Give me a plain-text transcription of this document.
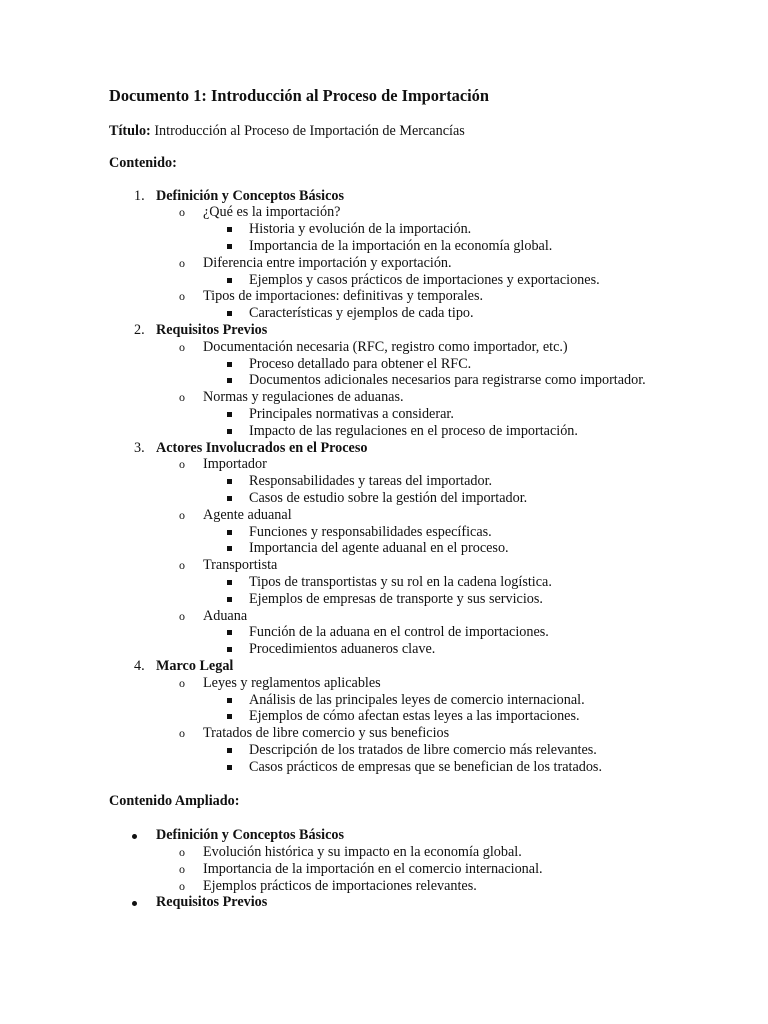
Documento 1: Introducción al Proceso de Importación
Título: Introducción al Proceso de Importación de Mercancías
Contenido:
1. Definición y Conceptos Básicos
o ¿Qué es la importación?
Historia y evolución de la importación.
Importancia de la importación en la economía global.
o Diferencia entre importación y exportación.
Ejemplos y casos prácticos de importaciones y exportaciones.
o Tipos de importaciones: definitivas y temporales.
Características y ejemplos de cada tipo.
2. Requisitos Previos
o Documentación necesaria (RFC, registro como importador, etc.)
Proceso detallado para obtener el RFC.
Documentos adicionales necesarios para registrarse como importador.
o Normas y regulaciones de aduanas.
Principales normativas a considerar.
Impacto de las regulaciones en el proceso de importación.
3. Actores Involucrados en el Proceso
o Importador
Responsabilidades y tareas del importador.
Casos de estudio sobre la gestión del importador.
o Agente aduanal
Funciones y responsabilidades específicas.
Importancia del agente aduanal en el proceso.
o Transportista
Tipos de transportistas y su rol en la cadena logística.
Ejemplos de empresas de transporte y sus servicios.
o Aduana
Función de la aduana en el control de importaciones.
Procedimientos aduaneros clave.
4. Marco Legal
o Leyes y reglamentos aplicables
Análisis de las principales leyes de comercio internacional.
Ejemplos de cómo afectan estas leyes a las importaciones.
o Tratados de libre comercio y sus beneficios
Descripción de los tratados de libre comercio más relevantes.
Casos prácticos de empresas que se benefician de los tratados.
Contenido Ampliado:
Definición y Conceptos Básicos
o Evolución histórica y su impacto en la economía global.
o Importancia de la importación en el comercio internacional.
o Ejemplos prácticos de importaciones relevantes.
Requisitos Previos
